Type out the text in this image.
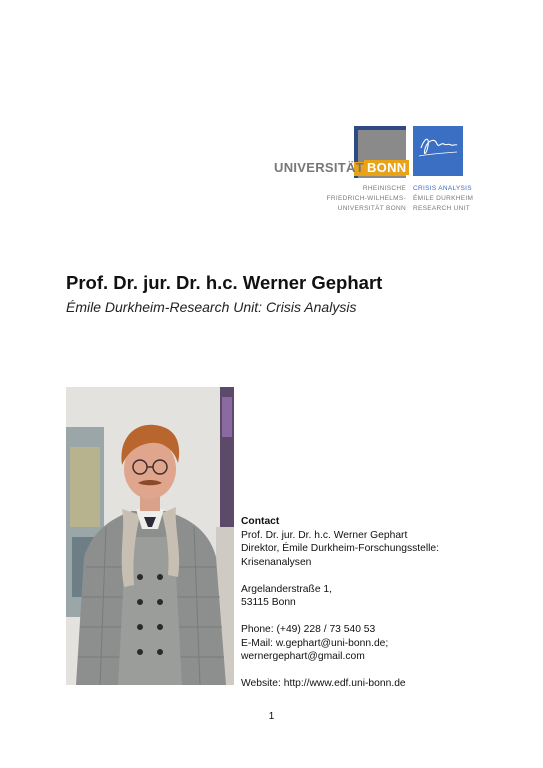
UNIVERSITÄT BONN
RHEINISCHE
FRIEDRICH-WILHELMS-
UNIVERSITÄT BONN
CRISIS ANALYSIS
ÉMILE DURKHEIM
RESEARCH UNIT
Prof. Dr. jur. Dr. h.c. Werner Gephart

Émile Durkheim-Research Unit: Crisis Analysis

Contact
Prof. Dr. jur. Dr. h.c. Werner Gephart
Direktor, Émile Durkheim-Forschungsstelle:
Krisenanalysen
Argelanderstraße 1,
53115 Bonn
Phone: (+49) 228 / 73 540 53
E-Mail: w.gephart@uni-bonn.de;
wernergephart@gmail.com
Website: http://www.edf.uni-bonn.de
1
